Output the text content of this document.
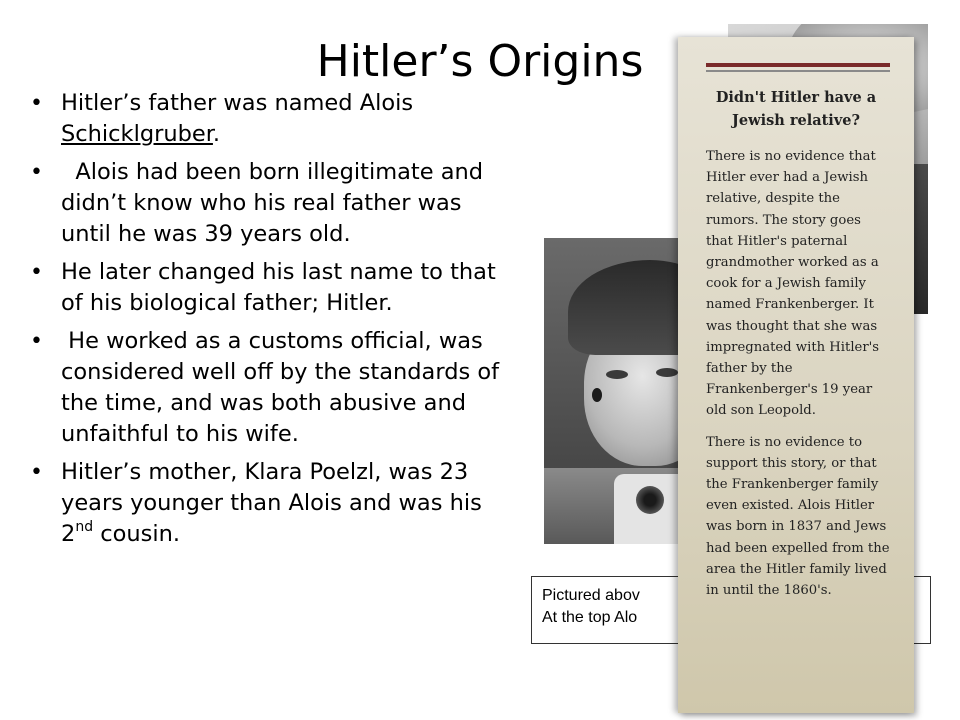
Hitler’s Origins
• Hitler’s father was named Alois Schicklgruber.
•   Alois had been born illegitimate and didn’t know who his real father was until he was 39 years old.
• He later changed his last name to that of his biological father; Hitler.
•  He worked as a customs official, was considered well off by the standards of the time, and was both abusive and unfaithful to his wife.
• Hitler’s mother, Klara Poelzl, was 23 years younger than Alois and was his 2nd cousin.
Pictured abov
At the top Alo
Didn't Hitler have a Jewish relative?

There is no evidence that Hitler ever had a Jewish relative, despite the rumors. The story goes that Hitler's paternal grandmother worked as a cook for a Jewish family named Frankenberger. It was thought that she was impregnated with Hitler's father by the Frankenberger's 19 year old son Leopold.

There is no evidence to support this story, or that the Frankenberger family even existed. Alois Hitler was born in 1837 and Jews had been expelled from the area the Hitler family lived in until the 1860's.
